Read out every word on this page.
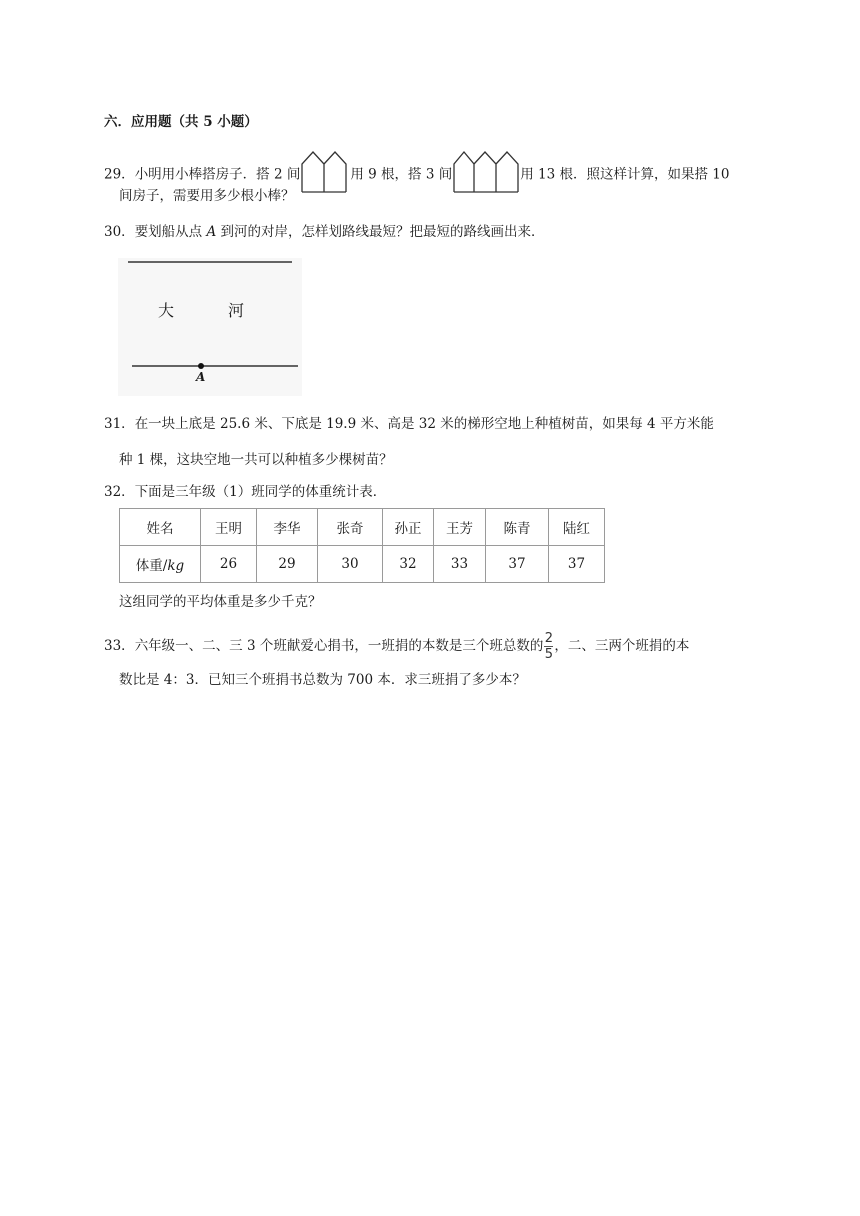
六．应用题（共 5 小题）
29．小明用小棒搭房子．搭 2 间	用 9 根，搭 3 间	用 13 根．照这样计算，如果搭 10
间房子，需要用多少根小棒？
30．要划船从点 A 到河的对岸，怎样划路线最短？把最短的路线画出来．
大	河
A
31．在一块上底是 25.6 米、下底是 19.9 米、高是 32 米的梯形空地上种植树苗，如果每 4 平方米能
种 1 棵，这块空地一共可以种植多少棵树苗？
32．下面是三年级（1）班同学的体重统计表．
姓名	王明	李华	张奇	孙正	王芳	陈青	陆红
体重/kg	26	29	30	32	33	37	37
这组同学的平均体重是多少千克？
33．六年级一、二、三 3 个班献爱心捐书，一班捐的本数是三个班总数的 $\frac{2}{5}$ ，二、三两个班捐的本
数比是 4：3．已知三个班捐书总数为 700 本．求三班捐了多少本？
